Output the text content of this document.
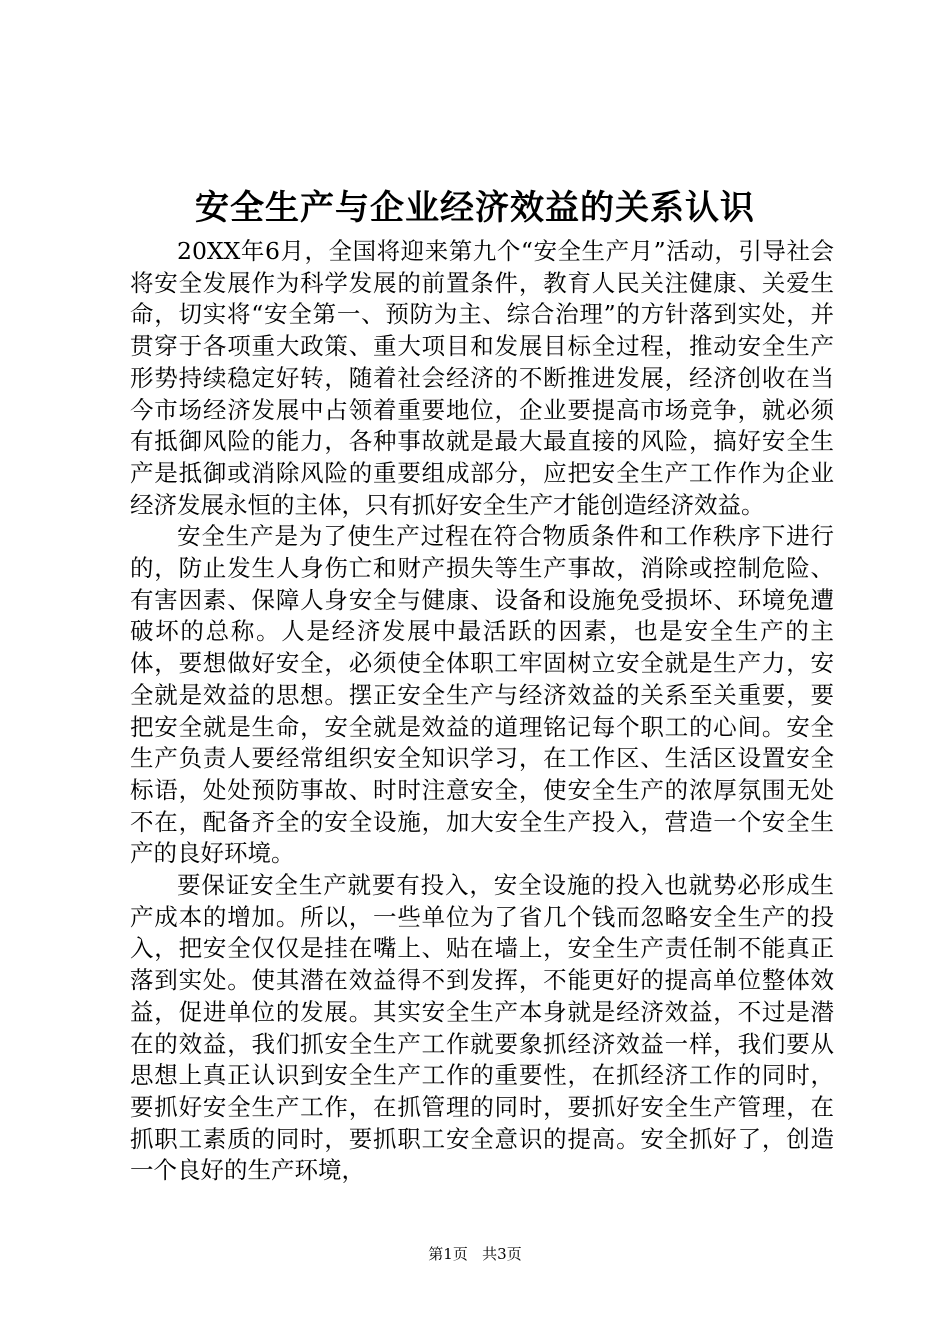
安全生产与企业经济效益的关系认识

20XX年6月，全国将迎来第九个“安全生产月”活动，引导社会将安全发展作为科学发展的前置条件，教育人民关注健康、关爱生命，切实将“安全第一、预防为主、综合治理”的方针落到实处，并贯穿于各项重大政策、重大项目和发展目标全过程，推动安全生产形势持续稳定好转，随着社会经济的不断推进发展，经济创收在当今市场经济发展中占领着重要地位，企业要提高市场竞争，就必须有抵御风险的能力，各种事故就是最大最直接的风险，搞好安全生产是抵御或消除风险的重要组成部分，应把安全生产工作作为企业经济发展永恒的主体，只有抓好安全生产才能创造经济效益。

安全生产是为了使生产过程在符合物质条件和工作秩序下进行的，防止发生人身伤亡和财产损失等生产事故，消除或控制危险、有害因素、保障人身安全与健康、设备和设施免受损坏、环境免遭破坏的总称。人是经济发展中最活跃的因素，也是安全生产的主体，要想做好安全，必须使全体职工牢固树立安全就是生产力，安全就是效益的思想。摆正安全生产与经济效益的关系至关重要，要把安全就是生命，安全就是效益的道理铭记每个职工的心间。安全生产负责人要经常组织安全知识学习，在工作区、生活区设置安全标语，处处预防事故、时时注意安全，使安全生产的浓厚氛围无处不在，配备齐全的安全设施，加大安全生产投入，营造一个安全生产的良好环境。

要保证安全生产就要有投入，安全设施的投入也就势必形成生产成本的增加。所以，一些单位为了省几个钱而忽略安全生产的投入，把安全仅仅是挂在嘴上、贴在墙上，安全生产责任制不能真正落到实处。使其潜在效益得不到发挥，不能更好的提高单位整体效益，促进单位的发展。其实安全生产本身就是经济效益，不过是潜在的效益，我们抓安全生产工作就要象抓经济效益一样，我们要从思想上真正认识到安全生产工作的重要性，在抓经济工作的同时，要抓好安全生产工作，在抓管理的同时，要抓好安全生产管理，在抓职工素质的同时，要抓职工安全意识的提高。安全抓好了，创造一个良好的生产环境，

第1页 共3页
